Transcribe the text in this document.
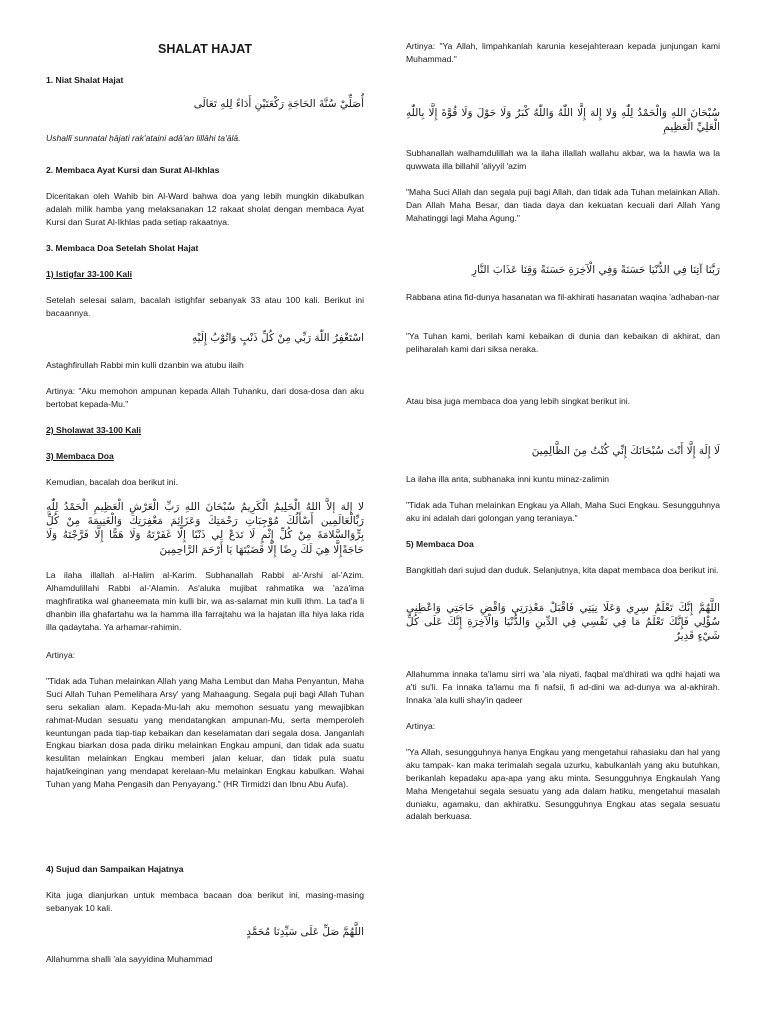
SHALAT HAJAT

1. Niat Shalat Hajat

أُصَلِّيْ سُنَّةَ الحَاجَةِ رَكْعَتَيْنِ أَدَاءً لِلهِ تَعَالَى

Ushallī sunnatal ḥājati rak'ataini adā'an lillāhi ta'ālā.

2. Membaca Ayat Kursi dan Surat Al-Ikhlas

Diceritakan oleh Wahib bin Al-Ward bahwa doa yang lebih mungkin dikabulkan adalah milik hamba yang melaksanakan 12 rakaat sholat dengan membaca Ayat Kursi dan Surat Al-Ikhlas pada setiap rakaatnya.

3. Membaca Doa Setelah Sholat Hajat

1) Istigfar 33-100 Kali

Setelah selesai salam, bacalah istighfar sebanyak 33 atau 100 kali. Berikut ini bacaannya.

اسْتَغْفِرُ اللّٰهَ رَبِّي مِنْ كُلِّ ذَنْبٍ وَاتُوْبُ إِلَيْهِ

Astaghfirullah Rabbi min kulli dzanbin wa atubu ilaih

Artinya: "Aku memohon ampunan kepada Allah Tuhanku, dari dosa-dosa dan aku bertobat kepada-Mu."

2) Sholawat 33-100 Kali

3) Membaca Doa

Kemudian, bacalah doa berikut ini.

لا إلهَ إلاَّ اللهُ الْحَلِيمُ الْكَرِيمُ سُبْحَانَ اللهِ رَبِّ الْعَرْشِ الْعَظِيمِ الْحَمْدُ لِلّٰهِ رَبِّالْعَالَمِين أَسْأَلُكَ مُوْجِبَاتِ رَحْمَتِكَ وَعَزَائِمَ مَغْفِرَتِكَ وَالْغَنِيمَةَ مِنْ كُلِّ بِرٍّوَالسَّلامَةَ مِنْ كُلِّ إِثْمٍ لَا تَدَعْ لِي ذَنْبًا إِلَّا غَفَرْتَهُ وَلَا هَمًّا إِلَّا فَرَّجْتَهُ وَلَا حَاجَةًإِلَّا هِيَ لَكَ رِضًا إِلَّا قَضَيْتَهَا يَا أَرْحَمَ الرَّاحِمِينَ

La ilaha illallah al-Halim al-Karim. Subhanallah Rabbi al-'Arshi al-'Azim. Alhamdulillahi Rabbi al-'Alamin. As'aluka mujibat rahmatika wa 'aza'ima maghfiratika wal ghaneemata min kulli bir, wa as-salamat min kulli ithm. La tad'a li dhanbin illa ghafartahu wa la hamma illa farrajtahu wa la hajatan illa hiya laka rida illa qadaytaha. Ya arhamar-rahimin.

Artinya:

"Tidak ada Tuhan melainkan Allah yang Maha Lembut dan Maha Penyantun, Maha Suci Allah Tuhan Pemelihara Arsy' yang Mahaagung. Segala puji bagi Allah Tuhan seru sekalian alam. Kepada-Mu-lah aku memohon sesuatu yang mewajibkan rahmat-Mudan sesuatu yang mendatangkan ampunan-Mu, serta memperoleh keuntungan pada tiap-tiap kebaikan dan keselamatan dari segala dosa. Janganlah Engkau biarkan dosa pada diriku melainkan Engkau ampuni, dan tidak ada suatu kesulitan melainkan Engkau memberi jalan keluar, dan tidak pula suatu hajat/keinginan yang mendapat kerelaan-Mu melainkan Engkau kabulkan. Wahai Tuhan yang Maha Pengasih dan Penyayang." (HR Tirmidzi dan Ibnu Abu Aufa).

4) Sujud dan Sampaikan Hajatnya

Kita juga dianjurkan untuk membaca bacaan doa berikut ini, masing-masing sebanyak 10 kali.

اللَّهُمَّ صَلِّ عَلَى سَيِّدِنَا مُحَمَّدٍ

Allahumma shalli 'ala sayyidina Muhammad

Artinya: "Ya Allah, limpahkanlah karunia kesejahteraan kepada junjungan kami Muhammad."

سُبْحَانَ اللهِ وَالْحَمْدُ لِلّٰهِ وَلا إِلهَ إِلَّا اللّٰهُ وَاللّٰهُ كْبَرُ وَلَا حَوْلَ وَلَا قُوَّةَ إِلَّا بِاللّٰهِ الْعَلِيِّ الْعَظِيمِ

Subhanallah walhamdulillah wa la ilaha illallah wallahu akbar, wa la hawla wa la quwwata illa billahil 'aliyyil 'azim

"Maha Suci Allah dan segala puji bagi Allah, dan tidak ada Tuhan melainkan Allah. Dan Allah Maha Besar, dan tiada daya dan kekuatan kecuali dari Allah Yang Mahatinggi lagi Maha Agung."

رَبَّنَا آتِنَا فِي الدُّنْيَا حَسَنَةً وَفِي الْآخِرَةِ حَسَنَةً وَقِنَا عَذَابَ النَّارِ

Rabbana atina fid-dunya hasanatan wa fil-akhirati hasanatan waqina 'adhaban-nar

"Ya Tuhan kami, berilah kami kebaikan di dunia dan kebaikan di akhirat, dan peliharalah kami dari siksa neraka.

Atau bisa juga membaca doa yang lebih singkat berikut ini.

لَا إِلَهَ إِلَّا أَنْتَ سُبْحَانَكَ إِنِّي كُنْتُ مِنَ الظَّالِمِينَ

La ilaha illa anta, subhanaka inni kuntu minaz-zalimin

"Tidak ada Tuhan melainkan Engkau ya Allah, Maha Suci Engkau. Sesungguhnya aku ini adalah dari golongan yang teraniaya."

5) Membaca Doa

Bangkitlah dari sujud dan duduk. Selanjutnya, kita dapat membaca doa berikut ini.

اللَّهُمَّ إِنَّكَ تَعْلَمُ سِرِي وَعَلَا نِيَتِي فَاقْبَلْ مَعْذِرَتِي وَاقْضِ حَاجَتِي وَاعْطِنِي سُؤْلِي فَإِنَّكَ تَعْلَمُ مَا فِي نَفْسِي فِي الدِّينِ وَالدُّنْيَا وَالْآخِرَةِ إِنَّكَ عَلَى كُلِّ شَيْءٍ قَدِيرٌ

Allahumma innaka ta'lamu sirri wa 'ala niyati, faqbal ma'dhirati wa qdhi hajati wa a'ti su'li. Fa innaka ta'lamu ma fi nafsii, fi ad-dini wa ad-dunya wa al-akhirah. Innaka 'ala kulli shay'in qadeer

Artinya:

"Ya Allah, sesungguhnya hanya Engkau yang mengetahui rahasiaku dan hal yang aku tampak- kan maka terimalah segala uzurku, kabulkanlah yang aku butuhkan, berikanlah kepadaku apa-apa yang aku minta. Sesungguhnya Engkaulah Yang Maha Mengetahui segala sesuatu yang ada dalam hatiku, mengetahui masalah duniaku, agamaku, dan akhiratku. Sesungguhnya Engkau atas segala sesuatu adalah berkuasa.
